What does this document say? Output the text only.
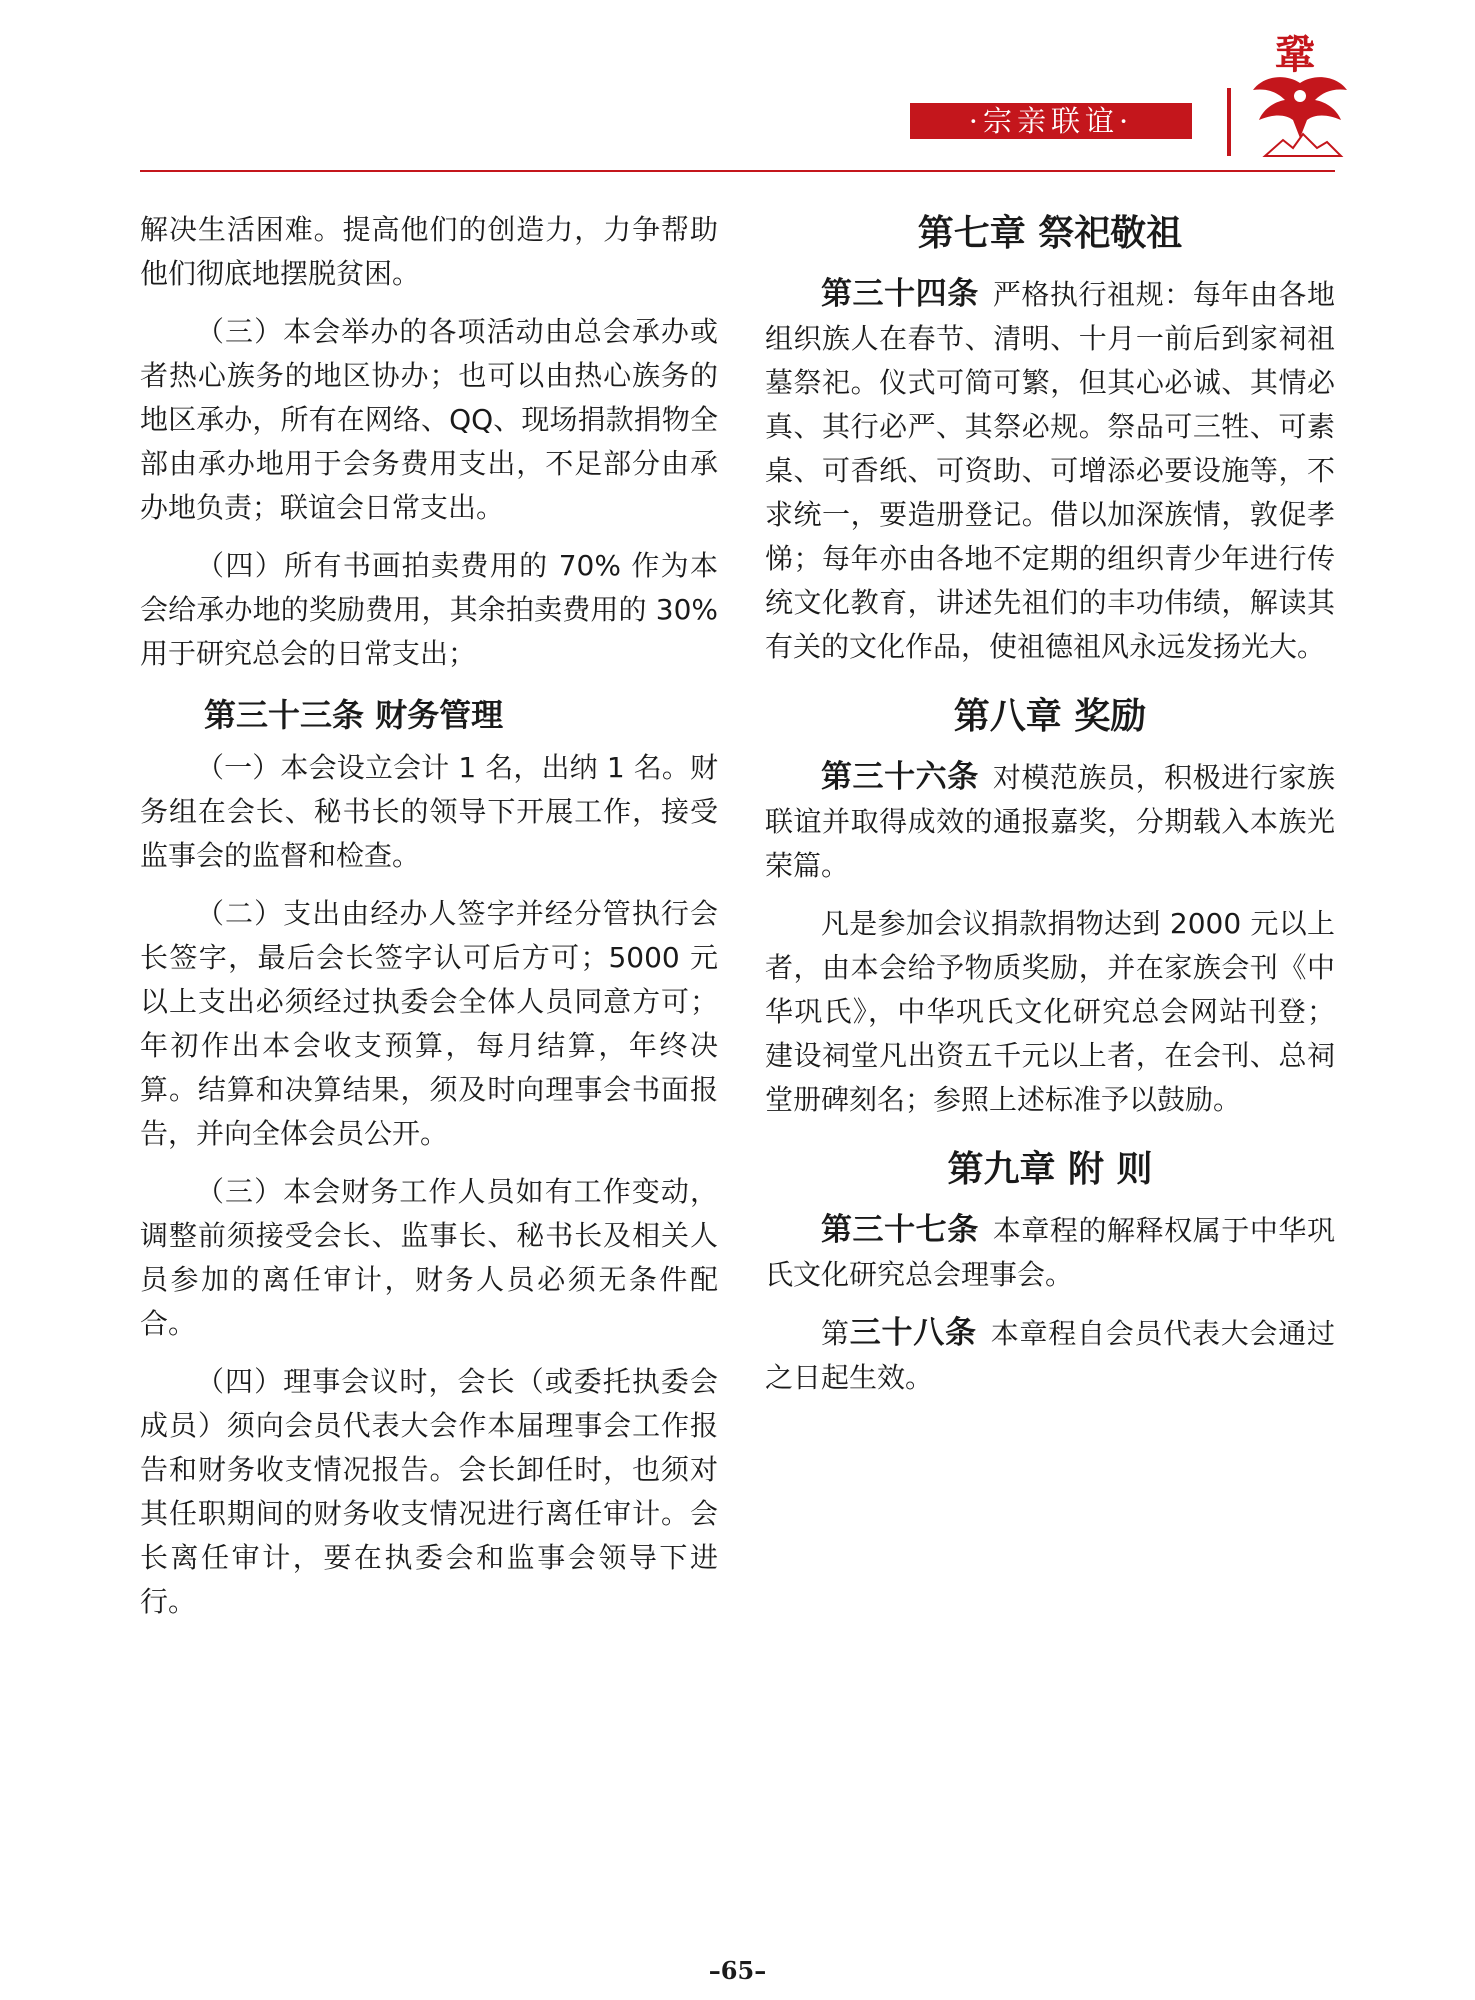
·宗亲联谊·
鞏

解决生活困难。提高他们的创造力，力争帮助他们彻底地摆脱贫困。

（三）本会举办的各项活动由总会承办或者热心族务的地区协办；也可以由热心族务的地区承办，所有在网络、QQ、现场捐款捐物全部由承办地用于会务费用支出，不足部分由承办地负责；联谊会日常支出。

（四）所有书画拍卖费用的 70% 作为本会给承办地的奖励费用，其余拍卖费用的 30% 用于研究总会的日常支出；

第三十三条 财务管理

（一）本会设立会计 1 名，出纳 1 名。财务组在会长、秘书长的领导下开展工作，接受监事会的监督和检查。

（二）支出由经办人签字并经分管执行会长签字，最后会长签字认可后方可；5000 元以上支出必须经过执委会全体人员同意方可；年初作出本会收支预算，每月结算，年终决算。结算和决算结果，须及时向理事会书面报告，并向全体会员公开。

（三）本会财务工作人员如有工作变动，调整前须接受会长、监事长、秘书长及相关人员参加的离任审计，财务人员必须无条件配合。

（四）理事会议时，会长（或委托执委会成员）须向会员代表大会作本届理事会工作报告和财务收支情况报告。会长卸任时，也须对其任职期间的财务收支情况进行离任审计。会长离任审计，要在执委会和监事会领导下进行。

第七章 祭祀敬祖

第三十四条 严格执行祖规：每年由各地组织族人在春节、清明、十月一前后到家祠祖墓祭祀。仪式可简可繁，但其心必诚、其情必真、其行必严、其祭必规。祭品可三牲、可素桌、可香纸、可资助、可增添必要设施等，不求统一，要造册登记。借以加深族情，敦促孝悌；每年亦由各地不定期的组织青少年进行传统文化教育，讲述先祖们的丰功伟绩，解读其有关的文化作品，使祖德祖风永远发扬光大。

第八章 奖励

第三十六条 对模范族员，积极进行家族联谊并取得成效的通报嘉奖，分期载入本族光荣篇。

凡是参加会议捐款捐物达到 2000 元以上者，由本会给予物质奖励，并在家族会刊《中华巩氏》，中华巩氏文化研究总会网站刊登；建设祠堂凡出资五千元以上者，在会刊、总祠堂册碑刻名；参照上述标准予以鼓励。

第九章 附 则

第三十七条 本章程的解释权属于中华巩氏文化研究总会理事会。

第三十八条 本章程自会员代表大会通过之日起生效。

–65–
